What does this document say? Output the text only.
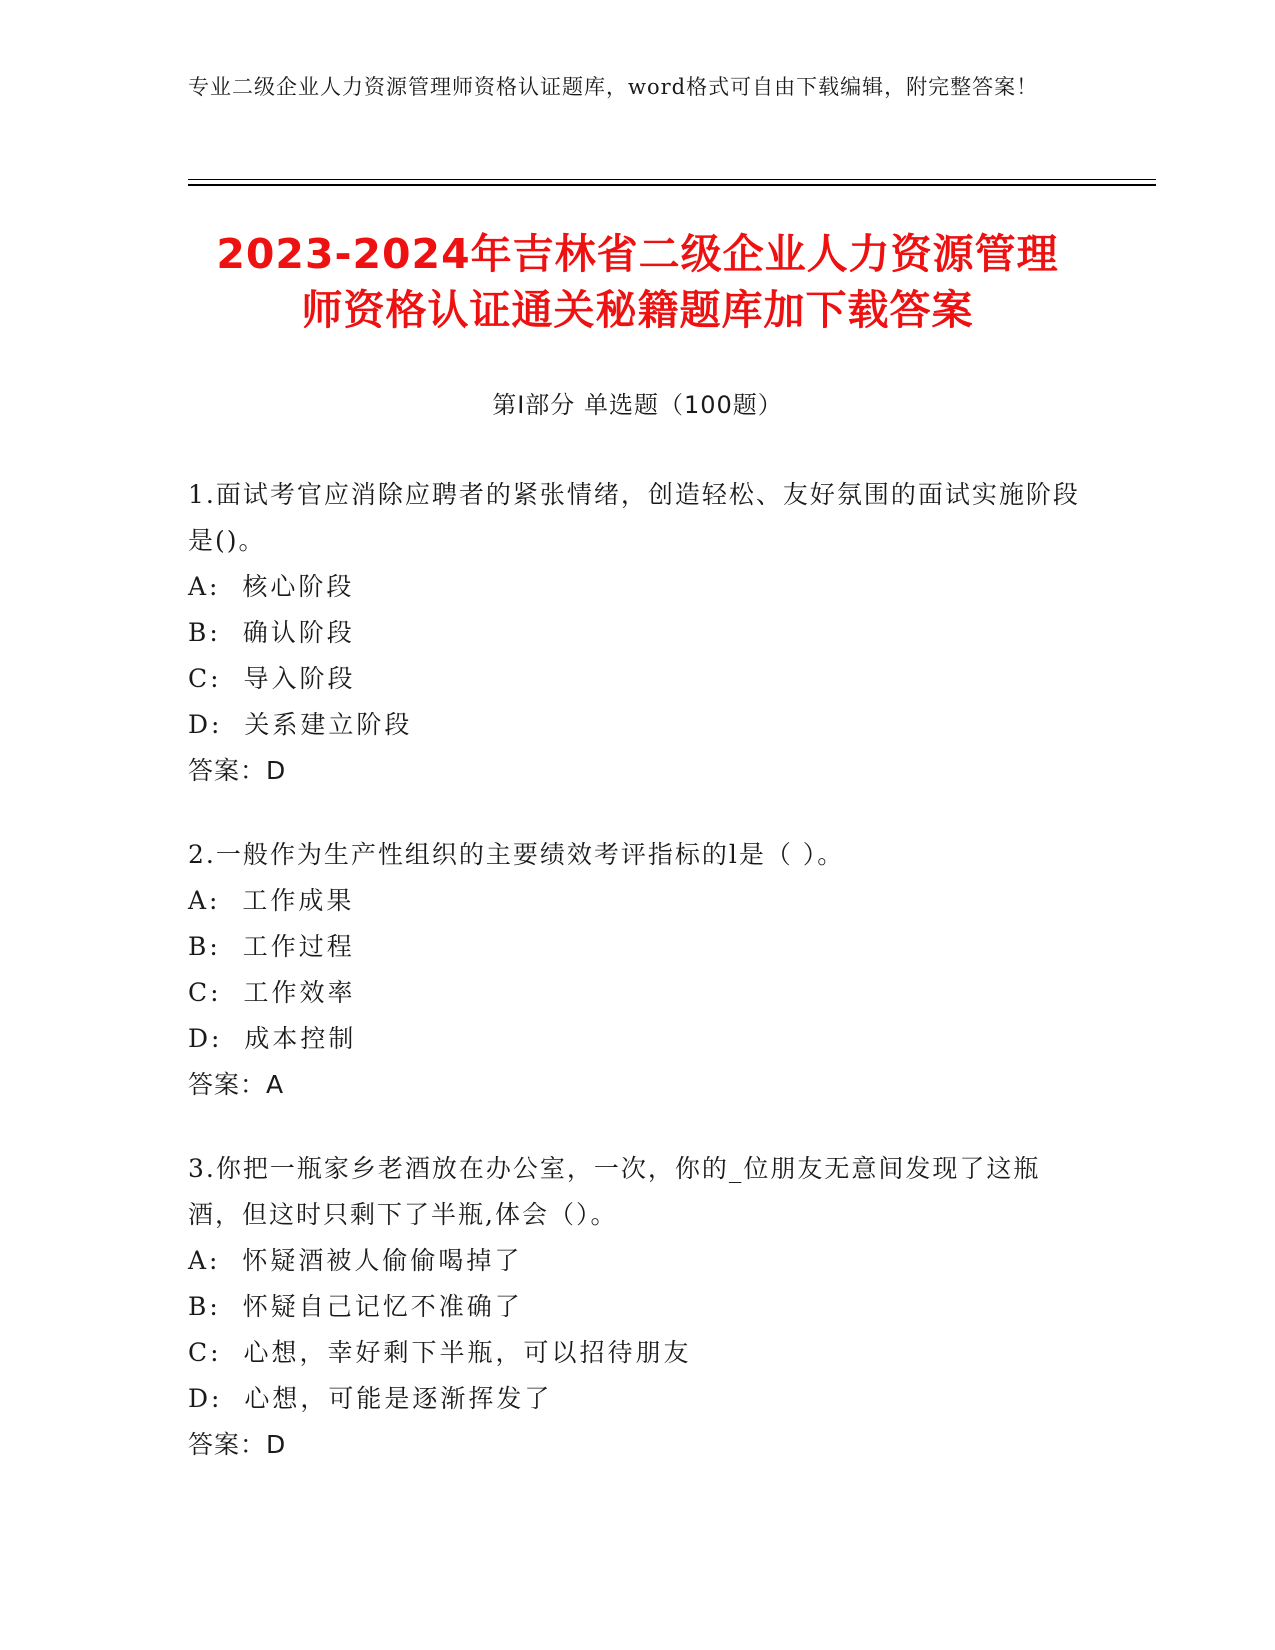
专业二级企业人力资源管理师资格认证题库，word格式可自由下载编辑，附完整答案！
2023-2024年吉林省二级企业人力资源管理
师资格认证通关秘籍题库加下载答案
第Ⅰ部分 单选题（100题）
1.面试考官应消除应聘者的紧张情绪，创造轻松、友好氛围的面试实施阶段是()。
A:  核心阶段
B:  确认阶段
C:  导入阶段
D:  关系建立阶段
答案：D
2.一般作为生产性组织的主要绩效考评指标的l是（ ）。
A:  工作成果
B:  工作过程
C:  工作效率
D:  成本控制
答案：A
3.你把一瓶家乡老酒放在办公室，一次，你的_位朋友无意间发现了这瓶酒，但这时只剩下了半瓶,体会（）。
A:  怀疑酒被人偷偷喝掉了
B:  怀疑自己记忆不准确了
C:  心想，幸好剩下半瓶，可以招待朋友
D:  心想，可能是逐渐挥发了
答案：D
